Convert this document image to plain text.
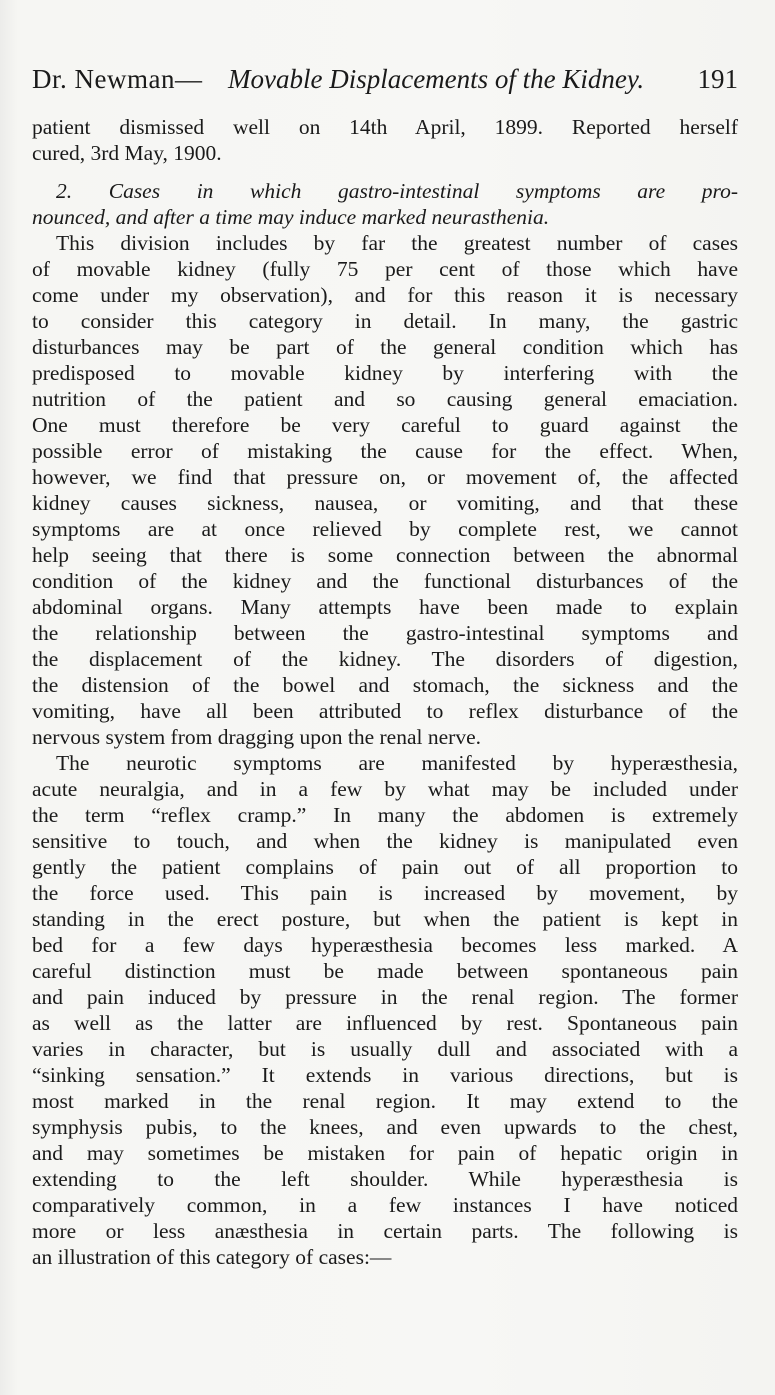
Dr. Newman— Movable Displacements of the Kidney. 191
patient dismissed well on 14th April, 1899. Reported herself
cured, 3rd May, 1900.
2. Cases in which gastro-intestinal symptoms are pro-
nounced, and after a time may induce marked neurasthenia.
This division includes by far the greatest number of cases
of movable kidney (fully 75 per cent of those which have
come under my observation), and for this reason it is necessary
to consider this category in detail. In many, the gastric
disturbances may be part of the general condition which has
predisposed to movable kidney by interfering with the
nutrition of the patient and so causing general emaciation.
One must therefore be very careful to guard against the
possible error of mistaking the cause for the effect. When,
however, we find that pressure on, or movement of, the affected
kidney causes sickness, nausea, or vomiting, and that these
symptoms are at once relieved by complete rest, we cannot
help seeing that there is some connection between the abnormal
condition of the kidney and the functional disturbances of the
abdominal organs. Many attempts have been made to explain
the relationship between the gastro-intestinal symptoms and
the displacement of the kidney. The disorders of digestion,
the distension of the bowel and stomach, the sickness and the
vomiting, have all been attributed to reflex disturbance of the
nervous system from dragging upon the renal nerve.
The neurotic symptoms are manifested by hyperæsthesia,
acute neuralgia, and in a few by what may be included under
the term “reflex cramp.” In many the abdomen is extremely
sensitive to touch, and when the kidney is manipulated even
gently the patient complains of pain out of all proportion to
the force used. This pain is increased by movement, by
standing in the erect posture, but when the patient is kept in
bed for a few days hyperæsthesia becomes less marked. A
careful distinction must be made between spontaneous pain
and pain induced by pressure in the renal region. The former
as well as the latter are influenced by rest. Spontaneous pain
varies in character, but is usually dull and associated with a
“sinking sensation.” It extends in various directions, but is
most marked in the renal region. It may extend to the
symphysis pubis, to the knees, and even upwards to the chest,
and may sometimes be mistaken for pain of hepatic origin in
extending to the left shoulder. While hyperæsthesia is
comparatively common, in a few instances I have noticed
more or less anæsthesia in certain parts. The following is
an illustration of this category of cases:—
